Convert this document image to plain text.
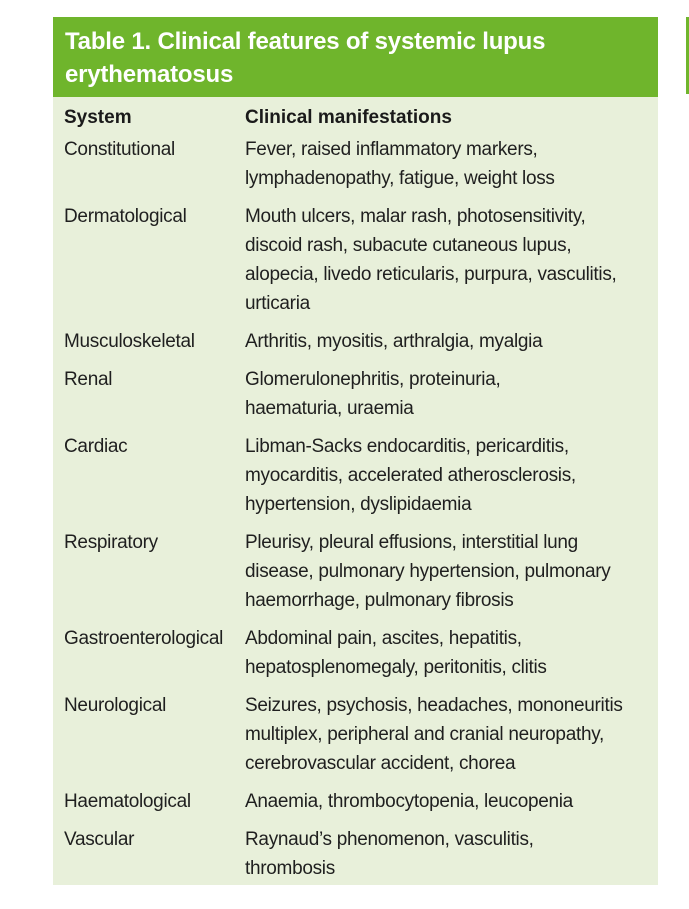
Table 1. Clinical features of systemic lupus
erythematosus

System	Clinical manifestations
Constitutional	Fever, raised inflammatory markers,
lymphadenopathy, fatigue, weight loss
Dermatological	Mouth ulcers, malar rash, photosensitivity,
discoid rash, subacute cutaneous lupus,
alopecia, livedo reticularis, purpura, vasculitis,
urticaria
Musculoskeletal	Arthritis, myositis, arthralgia, myalgia
Renal	Glomerulonephritis, proteinuria,
haematuria, uraemia
Cardiac	Libman-Sacks endocarditis, pericarditis,
myocarditis, accelerated atherosclerosis,
hypertension, dyslipidaemia
Respiratory	Pleurisy, pleural effusions, interstitial lung
disease, pulmonary hypertension, pulmonary
haemorrhage, pulmonary fibrosis
Gastroenterological	Abdominal pain, ascites, hepatitis,
hepatosplenomegaly, peritonitis, clitis
Neurological	Seizures, psychosis, headaches, mononeuritis
multiplex, peripheral and cranial neuropathy,
cerebrovascular accident, chorea
Haematological	Anaemia, thrombocytopenia, leucopenia
Vascular	Raynaud’s phenomenon, vasculitis,
thrombosis
